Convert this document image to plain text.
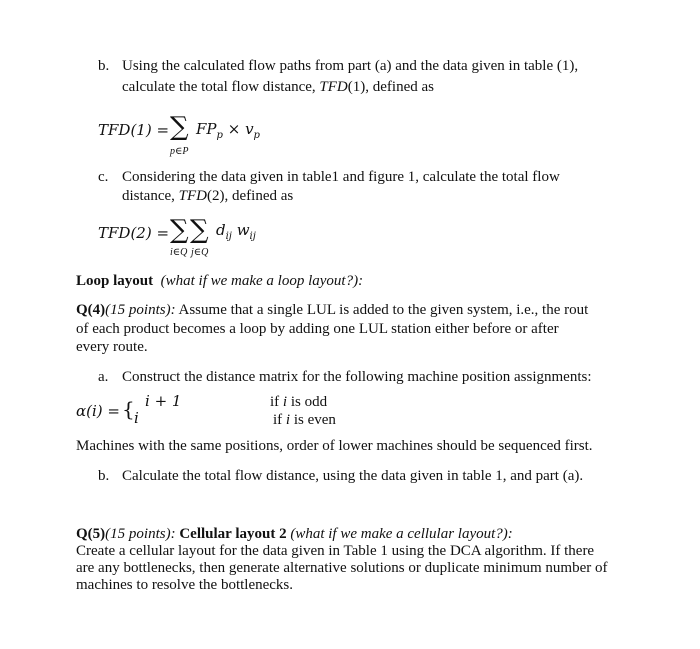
b. Using the calculated flow paths from part (a) and the data given in table (1),
calculate the total flow distance, TFD(1), defined as
TFD(1) = ∑ $FP_p \times v_p$
p∈P
c. Considering the data given in table1 and figure 1, calculate the total flow
distance, TFD(2), defined as
TFD(2) = ∑ ∑ $d_{ij}$ $w_{ij}$
i∈Q j∈Q
Loop layout (what if we make a loop layout?):
Q(4)(15 points): Assume that a single LUL is added to the given system, i.e., the rout
of each product becomes a loop by adding one LUL station either before or after
every route.
a. Construct the distance matrix for the following machine position assignments:
α(i) = { i + 1
i
if i is odd
if i is even
Machines with the same positions, order of lower machines should be sequenced first.
b. Calculate the total flow distance, using the data given in table 1, and part (a).
Q(5)(15 points): Cellular layout 2 (what if we make a cellular layout?):
Create a cellular layout for the data given in Table 1 using the DCA algorithm. If there
are any bottlenecks, then generate alternative solutions or duplicate minimum number of
machines to resolve the bottlenecks.
